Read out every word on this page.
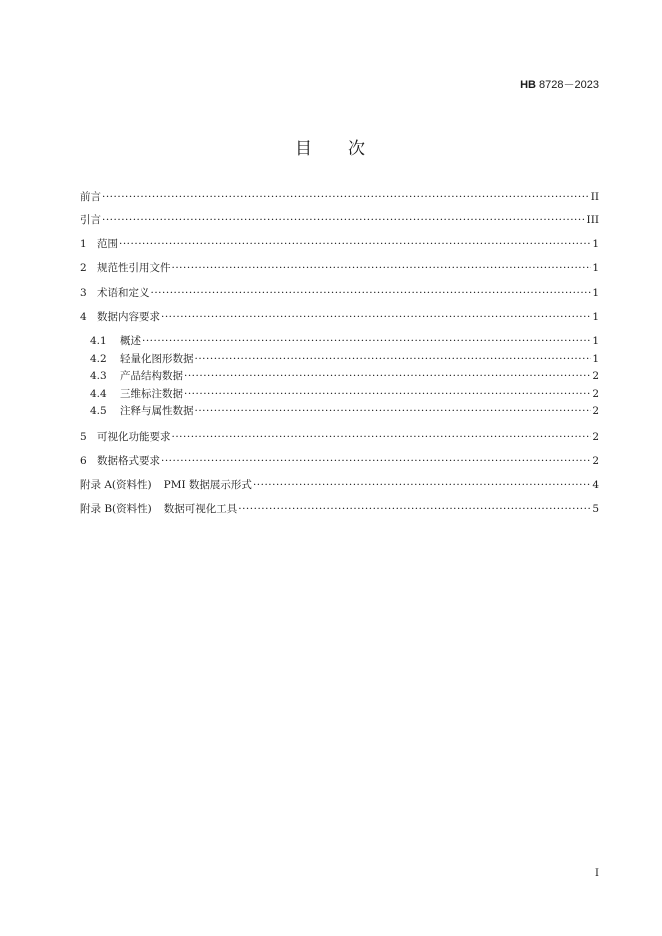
HB 8728－2023
目 次
前言 ·····	II
引言 ·····	III
1 范围 ·····	1
2 规范性引用文件 ·····	1
3 术语和定义 ·····	1
4 数据内容要求 ·····	1
4.1	概述 ·····	1
4.2	轻量化图形数据 ·····	1
4.3	产品结构数据 ·····	2
4.4	三维标注数据 ·····	2
4.5	注释与属性数据 ·····	2
5 可视化功能要求 ·····	2
6 数据格式要求 ·····	2
附录 A(资料性) PMI 数据展示形式 ·····	4
附录 B(资料性) 数据可视化工具 ·····	5
I
